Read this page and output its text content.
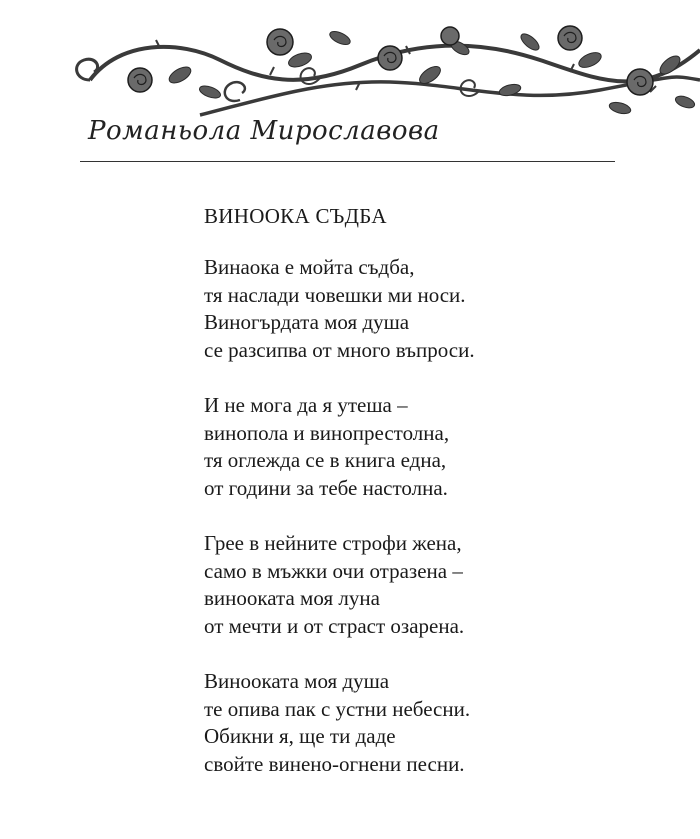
Романьола Мирославова
ВИНООКА СЪДБА
Винаока е мойта съдба,
тя наслади човешки ми носи.
Виногърдата моя душа
се разсипва от много въпроси.
И не мога да я утеша –
винопола и винопрестолна,
тя оглежда се в книга една,
от години за тебе настолна.
Грее в нейните строфи жена,
само в мъжки очи отразена –
винооката моя луна
от мечти и от страст озарена.
Винооката моя душа
те опива пак с устни небесни.
Обикни я, ще ти даде
свойте винено-огнени песни.
